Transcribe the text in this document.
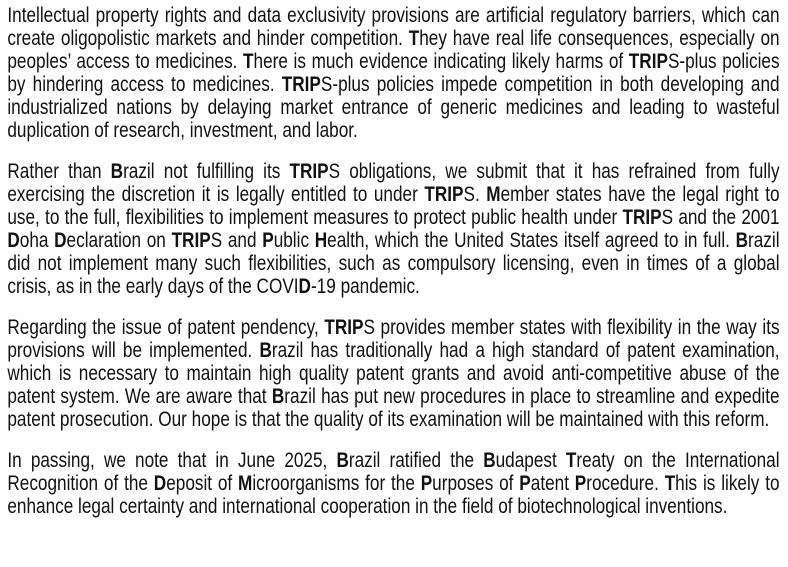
Intellectual property rights and data exclusivity provisions are artificial regulatory barriers, which can create oligopolistic markets and hinder competition. They have real life consequences, especially on peoples’ access to medicines. There is much evidence indicating likely harms of TRIPS-plus policies by hindering access to medicines. TRIPS-plus policies impede competition in both developing and industrialized nations by delaying market entrance of generic medicines and leading to wasteful duplication of research, investment, and labor.

Rather than Brazil not fulfilling its TRIPS obligations, we submit that it has refrained from fully exercising the discretion it is legally entitled to under TRIPS. Member states have the legal right to use, to the full, flexibilities to implement measures to protect public health under TRIPS and the 2001 Doha Declaration on TRIPS and Public Health, which the United States itself agreed to in full. Brazil did not implement many such flexibilities, such as compulsory licensing, even in times of a global crisis, as in the early days of the COVID-19 pandemic.

Regarding the issue of patent pendency, TRIPS provides member states with flexibility in the way its provisions will be implemented. Brazil has traditionally had a high standard of patent examination, which is necessary to maintain high quality patent grants and avoid anti-competitive abuse of the patent system. We are aware that Brazil has put new procedures in place to streamline and expedite patent prosecution. Our hope is that the quality of its examination will be maintained with this reform.

In passing, we note that in June 2025, Brazil ratified the Budapest Treaty on the International Recognition of the Deposit of Microorganisms for the Purposes of Patent Procedure. This is likely to enhance legal certainty and international cooperation in the field of biotechnological inventions.
